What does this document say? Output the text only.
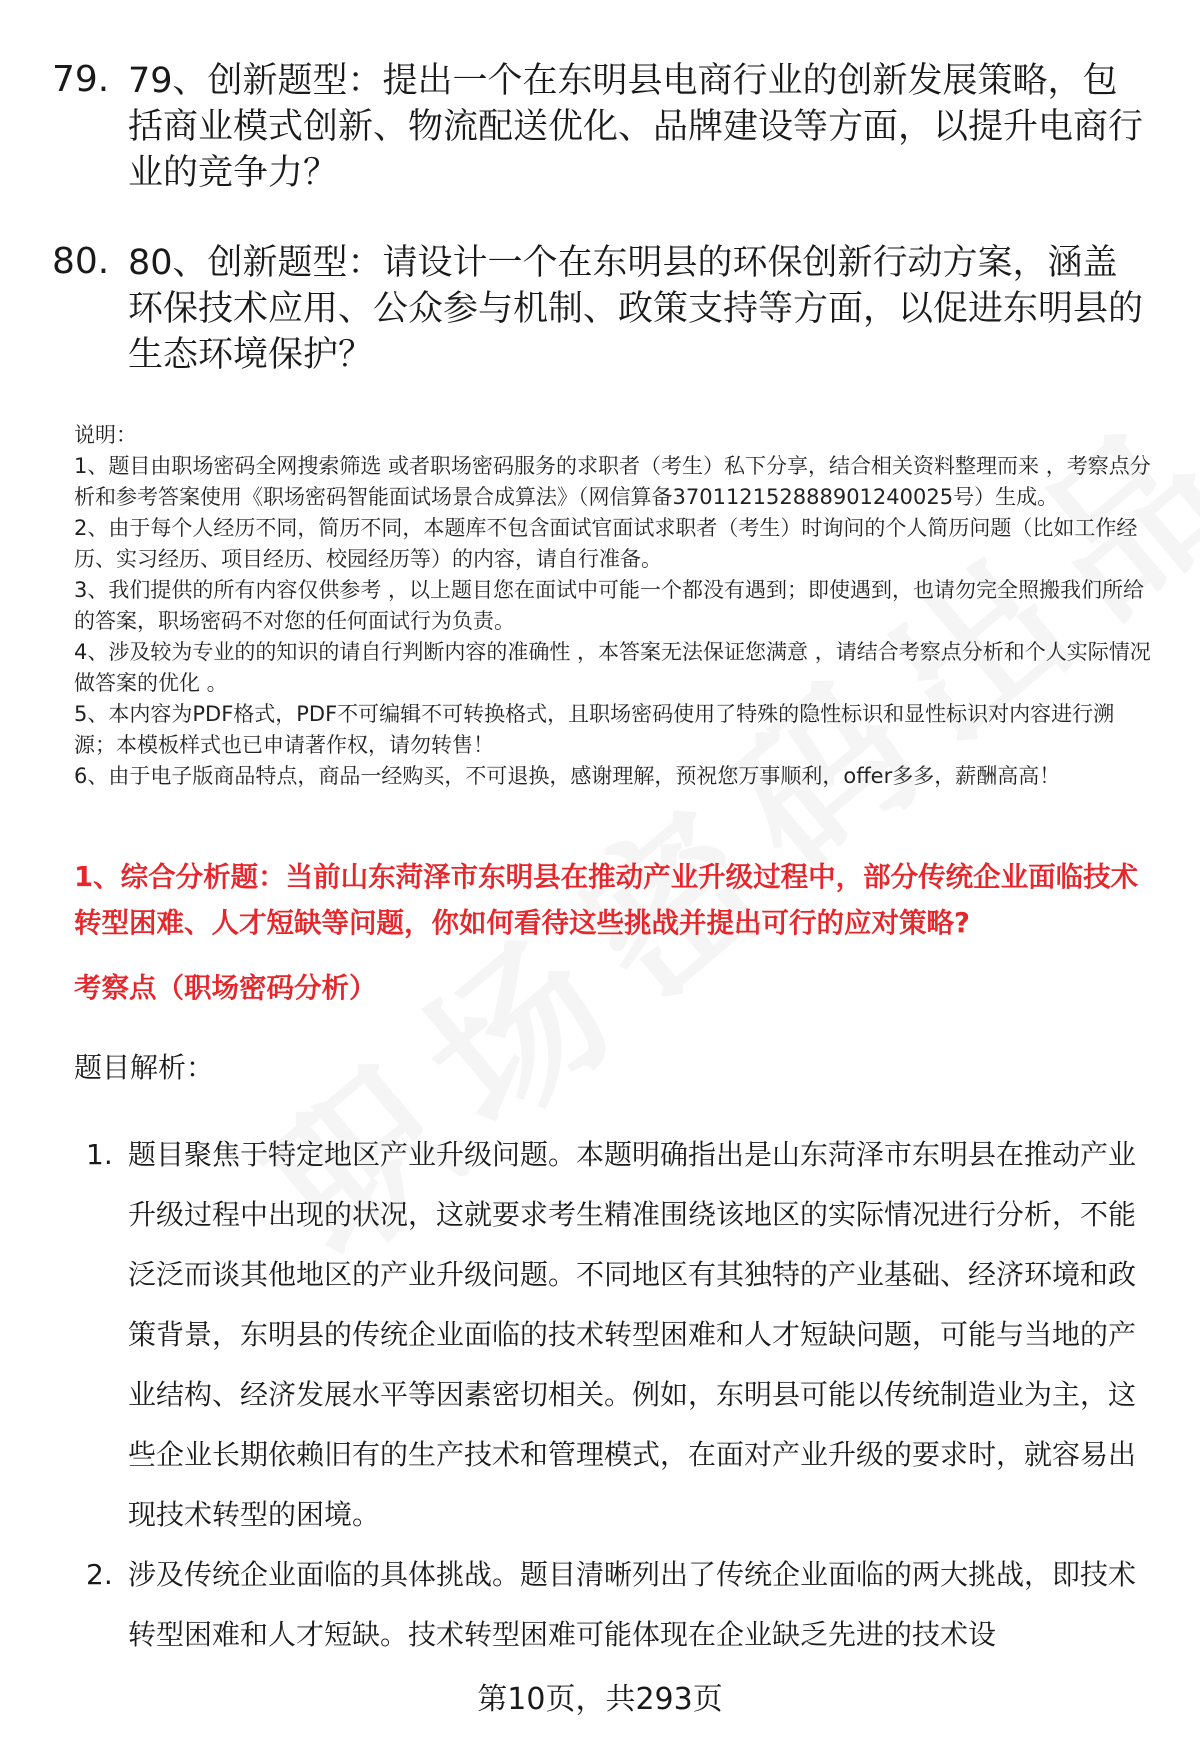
79. 79、创新题型：提出一个在东明县电商行业的创新发展策略，包括商业模式创新、物流配送优化、品牌建设等方面，以提升电商行业的竞争力？
80. 80、创新题型：请设计一个在东明县的环保创新行动方案，涵盖环保技术应用、公众参与机制、政策支持等方面，以促进东明县的生态环境保护？

说明：

1、题目由职场密码全网搜索筛选 或者职场密码服务的求职者（考生）私下分享，结合相关资料整理而来 ，考察点分析和参考答案使用《职场密码智能面试场景合成算法》（网信算备370112152888901240025号）生成。

2、由于每个人经历不同，简历不同，本题库不包含面试官面试求职者（考生）时询问的个人简历问题（比如工作经历、实习经历、项目经历、校园经历等）的内容，请自行准备。

3、我们提供的所有内容仅供参考 ，以上题目您在面试中可能一个都没有遇到；即使遇到，也请勿完全照搬我们所给的答案，职场密码不对您的任何面试行为负责。

4、涉及较为专业的的知识的请自行判断内容的准确性 ，本答案无法保证您满意 ，请结合考察点分析和个人实际情况做答案的优化 。

5、本内容为PDF格式，PDF不可编辑不可转换格式，且职场密码使用了特殊的隐性标识和显性标识对内容进行溯源；本模板样式也已申请著作权，请勿转售！

6、由于电子版商品特点，商品一经购买，不可退换，感谢理解，预祝您万事顺利，offer多多，薪酬高高！

1、综合分析题：当前山东菏泽市东明县在推动产业升级过程中，部分传统企业面临技术转型困难、人才短缺等问题，你如何看待这些挑战并提出可行的应对策略?
考察点（职场密码分析）
题目解析：
1. 题目聚焦于特定地区产业升级问题。本题明确指出是山东菏泽市东明县在推动产业升级过程中出现的状况，这就要求考生精准围绕该地区的实际情况进行分析，不能泛泛而谈其他地区的产业升级问题。不同地区有其独特的产业基础、经济环境和政策背景，东明县的传统企业面临的技术转型困难和人才短缺问题，可能与当地的产业结构、经济发展水平等因素密切相关。例如，东明县可能以传统制造业为主，这些企业长期依赖旧有的生产技术和管理模式，在面对产业升级的要求时，就容易出现技术转型的困境。
2. 涉及传统企业面临的具体挑战。题目清晰列出了传统企业面临的两大挑战，即技术转型困难和人才短缺。技术转型困难可能体现在企业缺乏先进的技术设
第10页，共293页
